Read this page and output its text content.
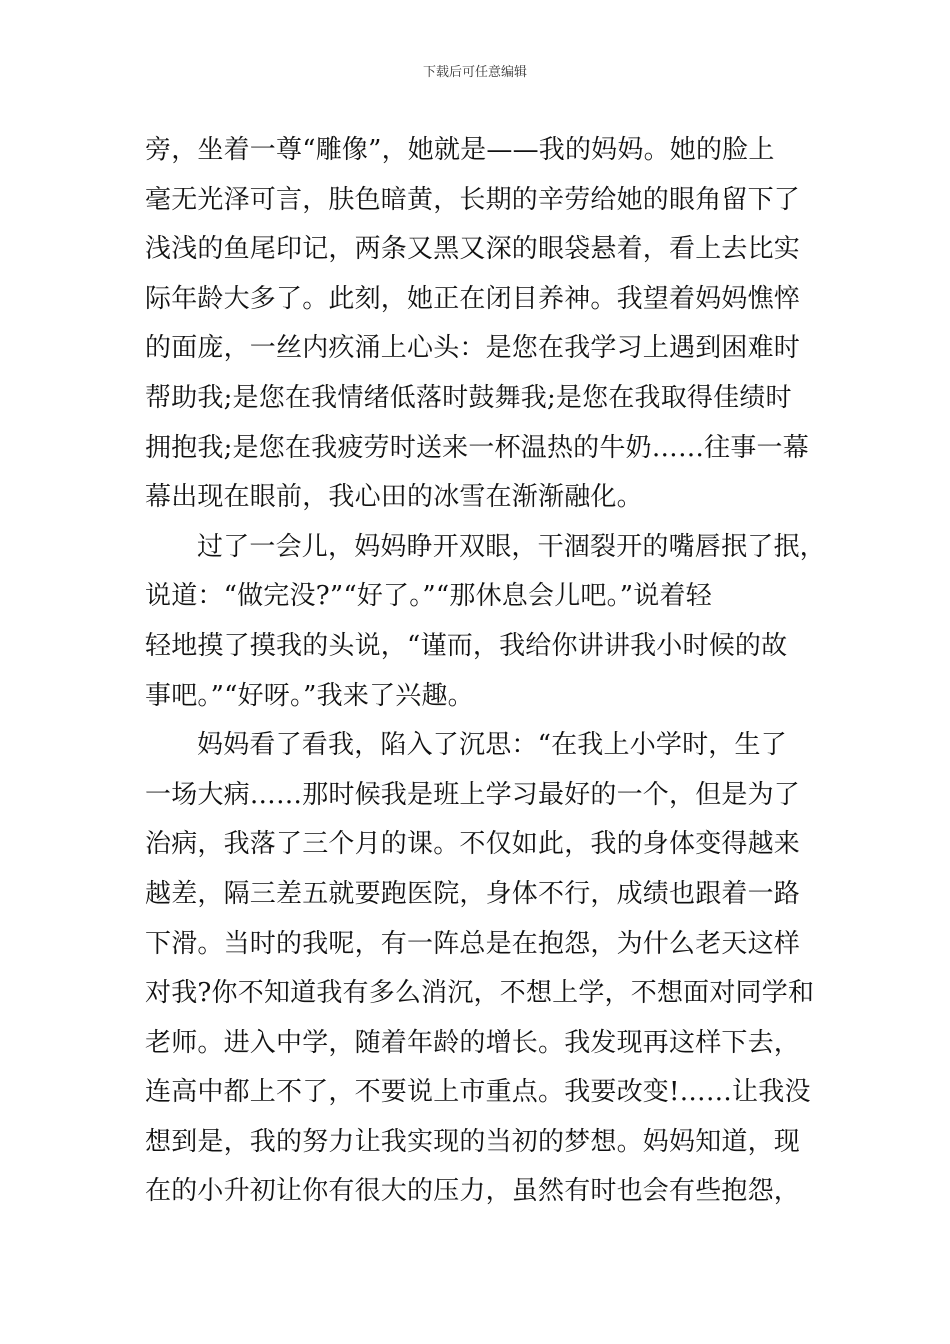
下载后可任意编辑
旁，坐着一尊“雕像”，她就是——我的妈妈。她的脸上
毫无光泽可言，肤色暗黄，长期的辛劳给她的眼角留下了
浅浅的鱼尾印记，两条又黑又深的眼袋悬着，看上去比实
际年龄大多了。此刻，她正在闭目养神。我望着妈妈憔悴
的面庞，一丝内疚涌上心头：是您在我学习上遇到困难时
帮助我;是您在我情绪低落时鼓舞我;是您在我取得佳绩时
拥抱我;是您在我疲劳时送来一杯温热的牛奶……往事一幕
幕出现在眼前，我心田的冰雪在渐渐融化。
过了一会儿，妈妈睁开双眼，干涸裂开的嘴唇抿了抿，
说道：“做完没?”“好了。”“那休息会儿吧。”说着轻
轻地摸了摸我的头说，“谨而，我给你讲讲我小时候的故
事吧。”“好呀。”我来了兴趣。
妈妈看了看我，陷入了沉思：“在我上小学时，生了
一场大病……那时候我是班上学习最好的一个，但是为了
治病，我落了三个月的课。不仅如此，我的身体变得越来
越差，隔三差五就要跑医院，身体不行，成绩也跟着一路
下滑。当时的我呢，有一阵总是在抱怨，为什么老天这样
对我?你不知道我有多么消沉，不想上学，不想面对同学和
老师。进入中学，随着年龄的增长。我发现再这样下去，
连高中都上不了，不要说上市重点。我要改变!……让我没
想到是，我的努力让我实现的当初的梦想。妈妈知道，现
在的小升初让你有很大的压力，虽然有时也会有些抱怨，
